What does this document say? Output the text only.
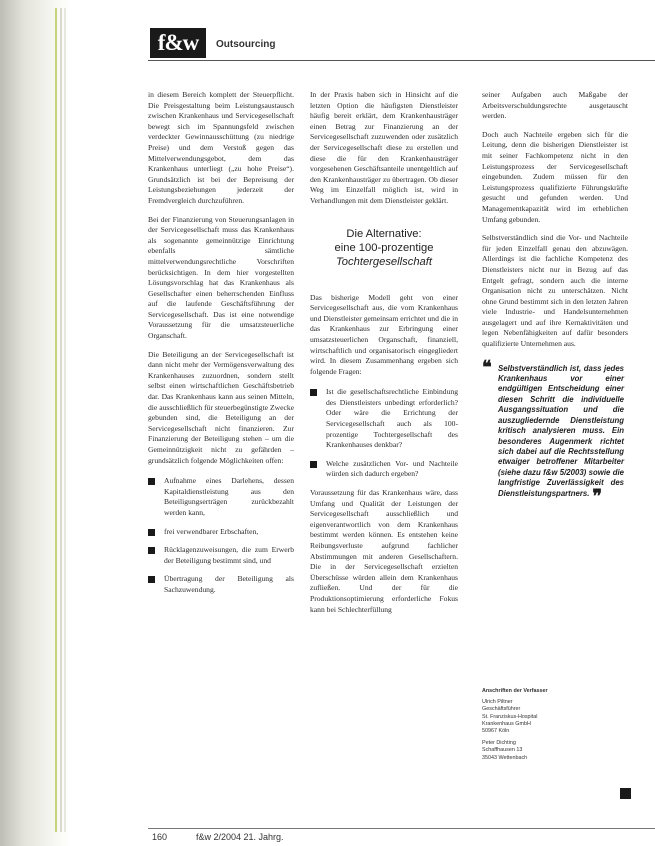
f&w	Outsourcing

in diesem Bereich komplett der Steuerpflicht. Die Preisgestaltung beim Leistungsaustausch zwischen Krankenhaus und Servicegesellschaft bewegt sich im Spannungsfeld zwischen verdeckter Gewinnausschüttung (zu niedrige Preise) und dem Verstoß gegen das Mittelverwendungsgebot, dem das Krankenhaus unterliegt („zu hohe Preise“). Grundsätzlich ist bei der Bepreisung der Leistungsbeziehungen jederzeit der Fremdvergleich durchzuführen.

Bei der Finanzierung von Steuerungsanlagen in der Servicegesellschaft muss das Krankenhaus als sogenannte gemeinnützige Einrichtung ebenfalls sämtliche mittelverwendungsrechtliche Vorschriften berücksichtigen. In dem hier vorgestellten Lösungsvorschlag hat das Krankenhaus als Gesellschafter einen beherrschenden Einfluss auf die laufende Geschäftsführung der Servicegesellschaft. Das ist eine notwendige Voraussetzung für die umsatzsteuerliche Organschaft.

Die Beteiligung an der Servicegesellschaft ist dann nicht mehr der Vermögensverwaltung des Krankenhauses zuzuordnen, sondern stellt selbst einen wirtschaftlichen Geschäftsbetrieb dar. Das Krankenhaus kann aus seinen Mitteln, die ausschließlich für steuerbegünstigte Zwecke gebunden sind, die Beteiligung an der Servicegesellschaft nicht finanzieren. Zur Finanzierung der Beteiligung stehen – um die Gemeinnützigkeit nicht zu gefährden – grundsätzlich folgende Möglichkeiten offen:

Aufnahme eines Darlehens, dessen Kapitaldienstleistung aus den Beteiligungserträgen zurückbezahlt werden kann,
frei verwendbarer Erbschaften,
Rücklagenzuweisungen, die zum Erwerb der Beteiligung bestimmt sind, und
Übertragung der Beteiligung als Sachzuwendung.

In der Praxis haben sich in Hinsicht auf die letzten Option die häufigsten Dienstleister häufig bereit erklärt, dem Krankenhausträger einen Betrag zur Finanzierung an der Servicegesellschaft zuzuwenden oder zusätzlich der Servicegesellschaft diese zu erstellen und diese die für den Krankenhausträger vorgesehenen Geschäftsanteile unentgeltlich auf den Krankenhausträger zu übertragen. Ob dieser Weg im Einzelfall möglich ist, wird in Verhandlungen mit dem Dienstleister geklärt.

Die Alternative:
eine 100-prozentige
Tochtergesellschaft

Das bisherige Modell geht von einer Servicegesellschaft aus, die vom Krankenhaus und Dienstleister gemeinsam errichtet und die in das Krankenhaus zur Erbringung einer umsatzsteuerlichen Organschaft, finanziell, wirtschaftlich und organisatorisch eingegliedert wird. In diesem Zusammenhang ergeben sich folgende Fragen:

Ist die gesellschaftsrechtliche Einbindung des Dienstleisters unbedingt erforderlich? Oder wäre die Errichtung der Servicegesellschaft auch als 100-prozentige Tochtergesellschaft des Krankenhauses denkbar?
Welche zusätzlichen Vor- und Nachteile würden sich dadurch ergeben?

Voraussetzung für das Krankenhaus wäre, dass Umfang und Qualität der Leistungen der Servicegesellschaft ausschließlich und eigenverantwortlich von dem Krankenhaus bestimmt werden können. Es entstehen keine Reibungsverluste aufgrund fachlicher Abstimmungen mit anderen Gesellschaftern. Die in der Servicegesellschaft erzielten Überschüsse würden allein dem Krankenhaus zufließen. Und der für die Produktionsoptimierung erforderliche Fokus kann bei Schlechterfüllung

seiner Aufgaben auch Maßgabe der Arbeitsverschuldungsrechte ausgetauscht werden.

Doch auch Nachteile ergeben sich für die Leitung, denn die bisherigen Dienstleister ist mit seiner Fachkompetenz nicht in den Leistungsprozess der Servicegesellschaft eingebunden. Zudem müssen für den Leistungsprozess qualifizierte Führungskräfte gesucht und gefunden werden. Und Managementkapazität wird im erheblichen Umfang gebunden.

Selbstverständlich sind die Vor- und Nachteile für jeden Einzelfall genau den abzuwägen. Allerdings ist die fachliche Kompetenz des Dienstleisters nicht nur in Bezug auf das Entgelt gefragt, sondern auch die interne Organisation nicht zu unterschätzen. Nicht ohne Grund bestimmt sich in den letzten Jahren viele Industrie- und Handelsunternehmen ausgelagert und auf ihre Kernaktivitäten und legen Nebenfähigkeiten auf dafür besonders qualifizierte Unternehmen aus.

❝ Selbstverständlich ist, dass jedes Krankenhaus vor einer endgültigen Entscheidung einer diesen Schritt die individuelle Ausgangssituation und die auszugliedernde Dienstleistung kritisch analysieren muss. Ein besonderes Augenmerk richtet sich dabei auf die Rechtsstellung etwaiger betroffener Mitarbeiter (siehe dazu f&w 5/2003) sowie die langfristige Zuverlässigkeit des Dienstleistungspartners. ❞
Anschriften der Verfasser
Ulrich Piltner
Geschäftsführer
St. Franziskus-Hospital
Krankenhaus GmbH
50967 Köln
Peter Dichting
Schaffhausen 13
35043 Wettenbach
160	f&w 2/2004 21. Jahrg.
